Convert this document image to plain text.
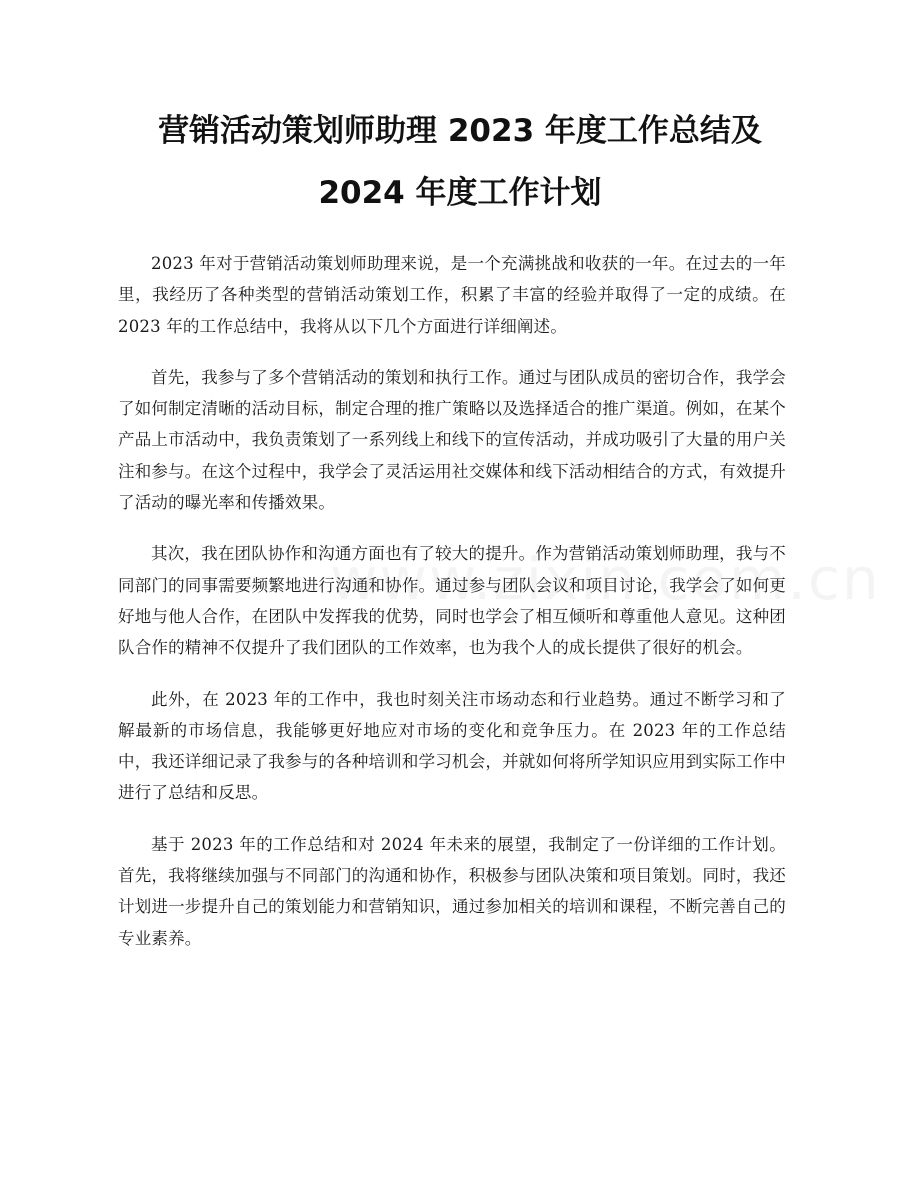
营销活动策划师助理 2023 年度工作总结及
2024 年度工作计划

2023 年对于营销活动策划师助理来说，是一个充满挑战和收获的一年。在过去的一年里，我经历了各种类型的营销活动策划工作，积累了丰富的经验并取得了一定的成绩。在 2023 年的工作总结中，我将从以下几个方面进行详细阐述。

首先，我参与了多个营销活动的策划和执行工作。通过与团队成员的密切合作，我学会了如何制定清晰的活动目标，制定合理的推广策略以及选择适合的推广渠道。例如，在某个产品上市活动中，我负责策划了一系列线上和线下的宣传活动，并成功吸引了大量的用户关注和参与。在这个过程中，我学会了灵活运用社交媒体和线下活动相结合的方式，有效提升了活动的曝光率和传播效果。

其次，我在团队协作和沟通方面也有了较大的提升。作为营销活动策划师助理，我与不同部门的同事需要频繁地进行沟通和协作。通过参与团队会议和项目讨论，我学会了如何更好地与他人合作，在团队中发挥我的优势，同时也学会了相互倾听和尊重他人意见。这种团队合作的精神不仅提升了我们团队的工作效率，也为我个人的成长提供了很好的机会。

此外，在 2023 年的工作中，我也时刻关注市场动态和行业趋势。通过不断学习和了解最新的市场信息，我能够更好地应对市场的变化和竞争压力。在 2023 年的工作总结中，我还详细记录了我参与的各种培训和学习机会，并就如何将所学知识应用到实际工作中进行了总结和反思。

基于 2023 年的工作总结和对 2024 年未来的展望，我制定了一份详细的工作计划。首先，我将继续加强与不同部门的沟通和协作，积极参与团队决策和项目策划。同时，我还计划进一步提升自己的策划能力和营销知识，通过参加相关的培训和课程，不断完善自己的专业素养。
